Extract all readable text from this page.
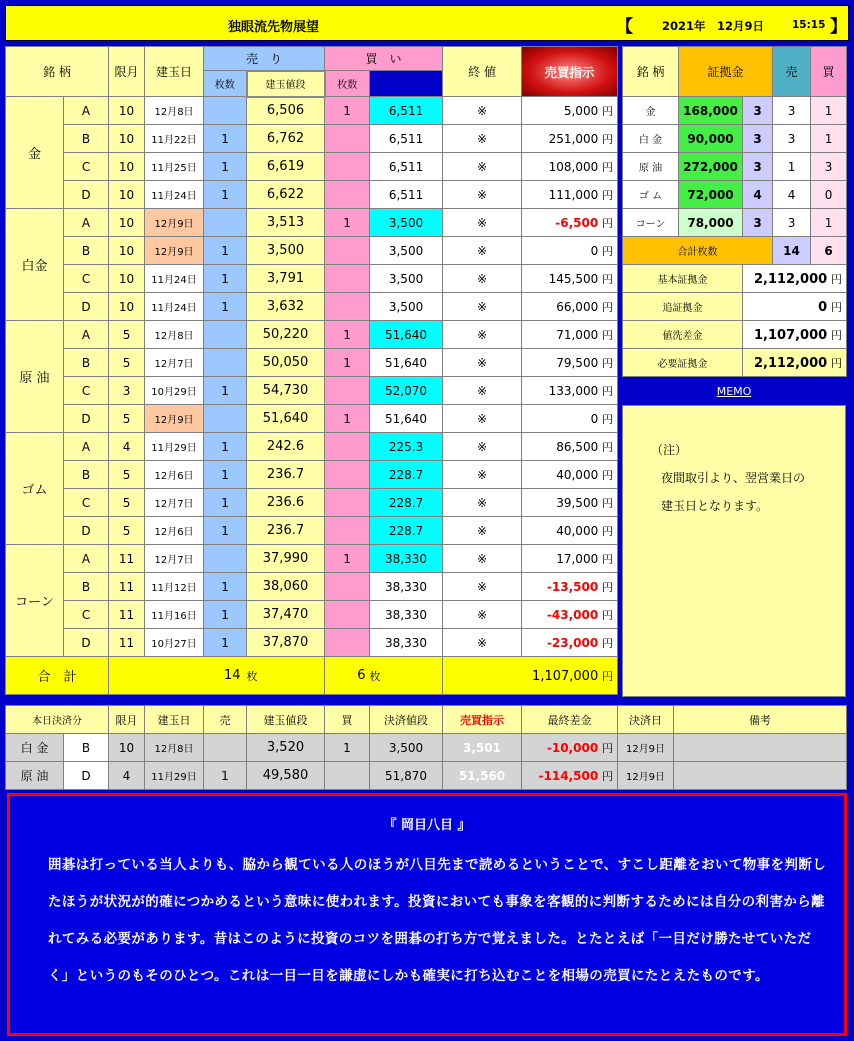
独眼流先物展望	【	2021年　12月9日	15:15 】
銘 柄		限月	建玉日	売　り		買　い		終 値	売買指示	
				枚数	建玉値段	枚数				
金	A	10	12月8日		6,506	1	6,511	※	5,000 円	
	B	10	11月22日	1	6,762		6,511	※	251,000 円	
	C	10	11月25日	1	6,619		6,511	※	108,000 円	
	D	10	11月24日	1	6,622		6,511	※	111,000 円	
白金	A	10	12月9日		3,513	1	3,500	※	-6,500 円	
	B	10	12月9日	1	3,500		3,500	※	0 円	
	C	10	11月24日	1	3,791		3,500	※	145,500 円	
	D	10	11月24日	1	3,632		3,500	※	66,000 円	
原 油	A	5	12月8日		50,220	1	51,640	※	71,000 円	
	B	5	12月7日		50,050	1	51,640	※	79,500 円	
	C	3	10月29日	1	54,730		52,070	※	133,000 円	
	D	5	12月9日		51,640	1	51,640	※	0 円	
ゴム	A	4	11月29日	1	242.6		225.3	※	86,500 円	
	B	5	12月6日	1	236.7		228.7	※	40,000 円	
	C	5	12月7日	1	236.6		228.7	※	39,500 円	
	D	5	12月6日	1	236.7		228.7	※	40,000 円	
コーン	A	11	12月7日		37,990	1	38,330	※	17,000 円	
	B	11	11月12日	1	38,060		38,330	※	-13,500 円	
	C	11	11月16日	1	37,470		38,330	※	-43,000 円	
	D	11	10月27日	1	37,870		38,330	※	-23,000 円	
合　計		14			枚	6	枚	1,107,000 円		
銘 柄	証拠金		売	買
金	168,000	3	3	1
白 金	90,000	3	3	1
原 油	272,000	3	1	3
ゴ ム	72,000	4	4	0
コーン	78,000	3	3	1
合計枚数			14	6
基本証拠金		2,112,000 円		
追証拠金		0 円		
値洗差金		1,107,000 円		
必要証拠金		2,112,000 円		
MEMO
（注）
夜間取引より、翌営業日の
建玉日となります。
本日決済分		限月	建玉日	売	建玉値段	買	決済値段	売買指示	最終差金	決済日	備考
白 金	B	10	12月8日		3,520	1	3,500	3,501	-10,000 円	12月9日	
原 油	D	4	11月29日	1	49,580		51,870	51,560	-114,500 円	12月9日	
『 岡目八目 』
囲碁は打っている当人よりも、脇から観ている人のほうが八目先まで読めるということで、すこし距離をおいて物事を判断したほうが状況が的確につかめるという意味に使われます。投資においても事象を客観的に判断するためには自分の利害から離れてみる必要があります。昔はこのように投資のコツを囲碁の打ち方で覚えました。とたとえば「一目だけ勝たせていただく」というのもそのひとつ。これは一目一目を謙虚にしかも確実に打ち込むことを相場の売買にたとえたものです。
